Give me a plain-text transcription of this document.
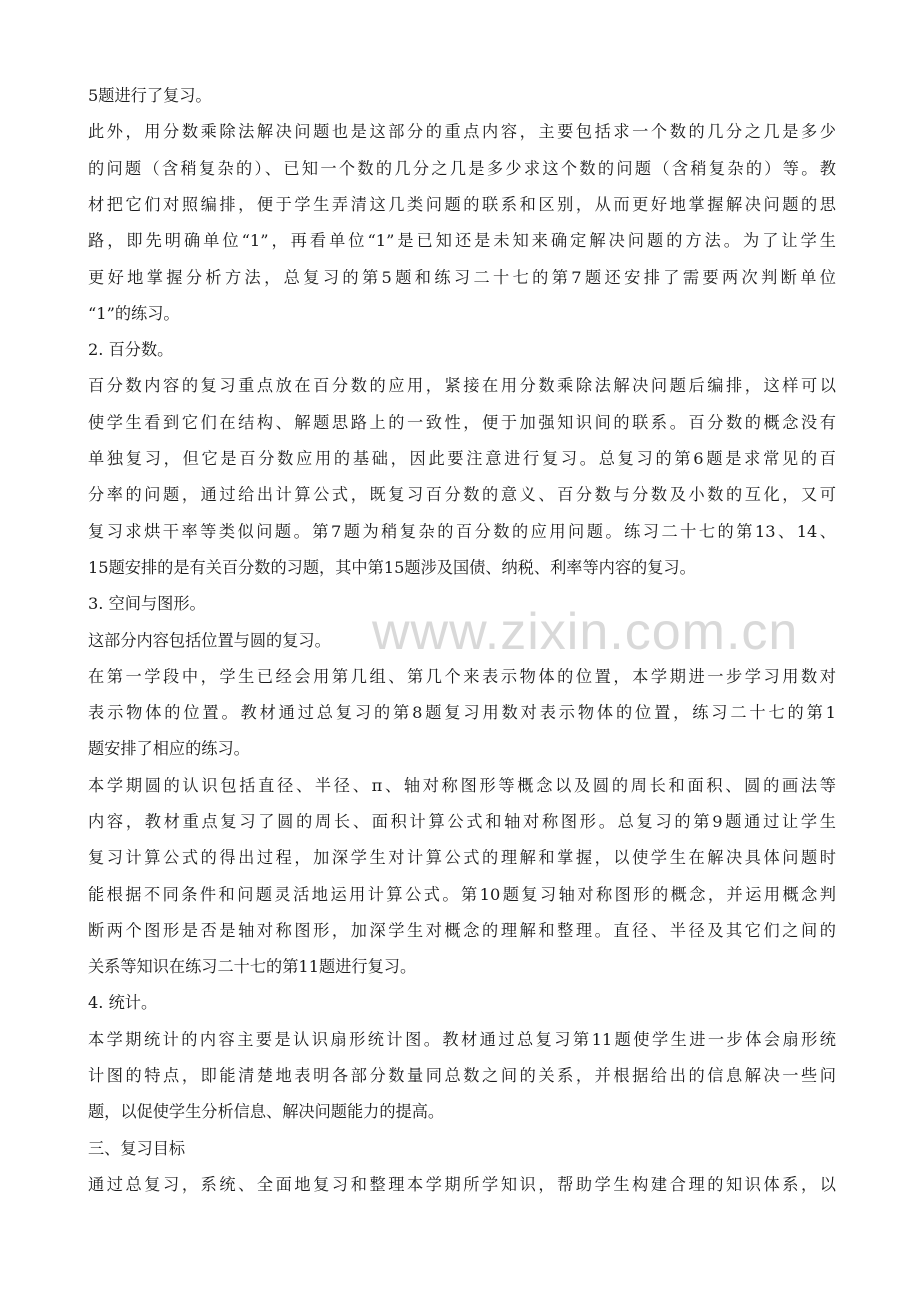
www.zixin.com.cn
5题进行了复习。
此外，用分数乘除法解决问题也是这部分的重点内容，主要包括求一个数的几分之几是多少
的问题（含稍复杂的）、已知一个数的几分之几是多少求这个数的问题（含稍复杂的）等。教
材把它们对照编排，便于学生弄清这几类问题的联系和区别，从而更好地掌握解决问题的思
路，即先明确单位“1”，再看单位“1”是已知还是未知来确定解决问题的方法。为了让学生
更好地掌握分析方法，总复习的第5题和练习二十七的第7题还安排了需要两次判断单位
“1”的练习。
2. 百分数。
百分数内容的复习重点放在百分数的应用，紧接在用分数乘除法解决问题后编排，这样可以
使学生看到它们在结构、解题思路上的一致性，便于加强知识间的联系。百分数的概念没有
单独复习，但它是百分数应用的基础，因此要注意进行复习。总复习的第6题是求常见的百
分率的问题，通过给出计算公式，既复习百分数的意义、百分数与分数及小数的互化，又可
复习求烘干率等类似问题。第7题为稍复杂的百分数的应用问题。练习二十七的第13、14、
15题安排的是有关百分数的习题，其中第15题涉及国债、纳税、利率等内容的复习。
3. 空间与图形。
这部分内容包括位置与圆的复习。
在第一学段中，学生已经会用第几组、第几个来表示物体的位置，本学期进一步学习用数对
表示物体的位置。教材通过总复习的第8题复习用数对表示物体的位置，练习二十七的第1
题安排了相应的练习。
本学期圆的认识包括直径、半径、π、轴对称图形等概念以及圆的周长和面积、圆的画法等
内容，教材重点复习了圆的周长、面积计算公式和轴对称图形。总复习的第9题通过让学生
复习计算公式的得出过程，加深学生对计算公式的理解和掌握，以使学生在解决具体问题时
能根据不同条件和问题灵活地运用计算公式。第10题复习轴对称图形的概念，并运用概念判
断两个图形是否是轴对称图形，加深学生对概念的理解和整理。直径、半径及其它们之间的
关系等知识在练习二十七的第11题进行复习。
4. 统计。
本学期统计的内容主要是认识扇形统计图。教材通过总复习第11题使学生进一步体会扇形统
计图的特点，即能清楚地表明各部分数量同总数之间的关系，并根据给出的信息解决一些问
题，以促使学生分析信息、解决问题能力的提高。
三、复习目标
通过总复习，系统、全面地复习和整理本学期所学知识，帮助学生构建合理的知识体系，以
